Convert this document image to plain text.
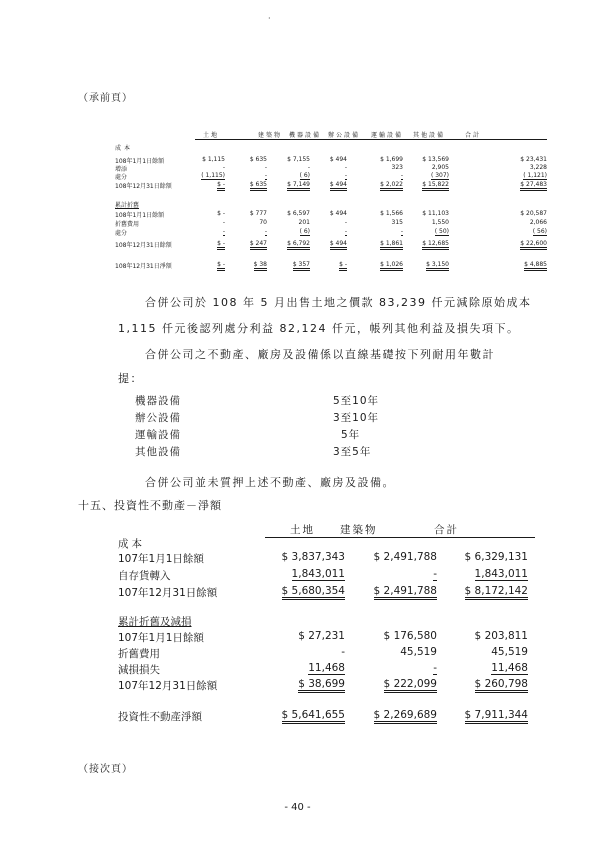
·
（承前頁）
土地	建築物 機器設備 辦公設備 運輸設備 其他設備	合計
成本
108年1月1日餘額	$ 1,115	$ 635	$ 7,155	$ 494	$ 1,699	$ 13,569	$ 23,431
增添	-	-	-	-	323	2,905	3,228
處分	( 1,115)	-	( 6)	-	-	( 307)	( 1,121)
108年12月31日餘額	$ -	$ 635	$ 7,149	$ 494	$ 2,022	$ 15,822	$ 27,483
累計折舊
108年1月1日餘額	$ -	$ 777	$ 6,597	$ 494	$ 1,566	$ 11,103	$ 20,587
折舊費用	-	70	201	-	315	1,550	2,066
處分	-	-	( 6)	-	-	( 50)	( 56)
108年12月31日餘額	$ -	$ 247	$ 6,792	$ 494	$ 1,861	$ 12,685	$ 22,600
108年12月31日淨額	$ -	$ 38	$ 357	$ -	$ 1,026	$ 3,150	$ 4,885
合併公司於 108 年 5 月出售土地之價款 83,239 仟元減除原始成本
1,115 仟元後認列處分利益 82,124 仟元，帳列其他利益及損失項下。
合併公司之不動產、廠房及設備係以直線基礎按下列耐用年數計
提：
機器設備	5至10年
辦公設備	3至10年
運輸設備	5年
其他設備	3至5年
合併公司並未質押上述不動產、廠房及設備。
十五、投資性不動產－淨額
土地 建築物	合計
成本
107年1月1日餘額	$ 3,837,343	$ 2,491,788	$ 6,329,131
自存貨轉入	1,843,011	-	1,843,011
107年12月31日餘額	$ 5,680,354	$ 2,491,788	$ 8,172,142
累計折舊及減損
107年1月1日餘額	$ 27,231	$ 176,580	$ 203,811
折舊費用	-	45,519	45,519
減損損失	11,468	-	11,468
107年12月31日餘額	$ 38,699	$ 222,099	$ 260,798
投資性不動產淨額	$ 5,641,655	$ 2,269,689	$ 7,911,344
（接次頁）
- 40 -
